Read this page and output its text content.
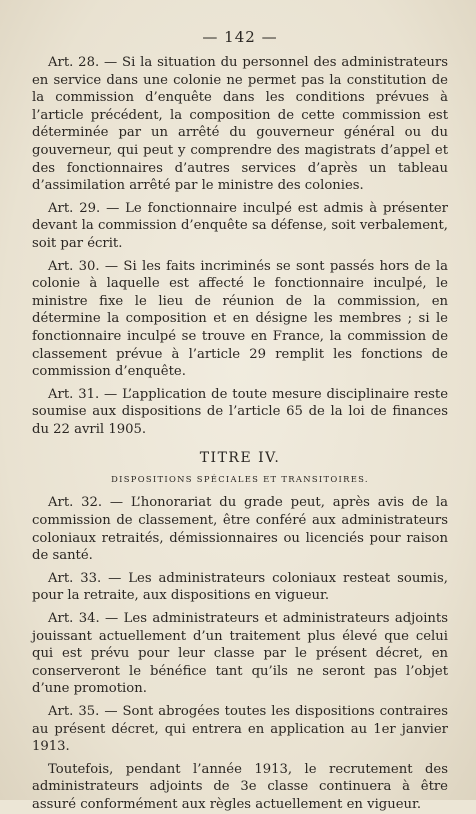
— 142 —

Art. 28. — Si la situation du personnel des administrateurs en service dans une colonie ne permet pas la constitution de la commission d’enquête dans les conditions prévues à l’article précédent, la composition de cette commission est déterminée par un arrêté du gouverneur général ou du gouverneur, qui peut y comprendre des magistrats d’appel et des fonctionnaires d’autres services d’après un tableau d’assimilation arrêté par le ministre des colonies.

Art. 29. — Le fonctionnaire inculpé est admis à présenter devant la commission d’enquête sa défense, soit verbalement, soit par écrit.

Art. 30. — Si les faits incriminés se sont passés hors de la colonie à laquelle est affecté le fonctionnaire inculpé, le ministre fixe le lieu de réunion de la commission, en détermine la composition et en désigne les membres ; si le fonctionnaire inculpé se trouve en France, la commission de classement prévue à l’article 29 remplit les fonctions de commission d’enquête.

Art. 31. — L’application de toute mesure disciplinaire reste soumise aux dispositions de l’article 65 de la loi de finances du 22 avril 1905.

TITRE IV.
DISPOSITIONS SPÉCIALES ET TRANSITOIRES.

Art. 32. — L’honorariat du grade peut, après avis de la commission de classement, être conféré aux administrateurs coloniaux retraités, démissionnaires ou licenciés pour raison de santé.

Art. 33. — Les administrateurs coloniaux resteat soumis, pour la retraite, aux dispositions en vigueur.

Art. 34. — Les administrateurs et administrateurs adjoints jouissant actuellement d’un traitement plus élevé que celui qui est prévu pour leur classe par le présent décret, en conserveront le bénéfice tant qu’ils ne seront pas l’objet d’une promotion.

Art. 35. — Sont abrogées toutes les dispositions contraires au présent décret, qui entrera en application au 1er janvier 1913.

Toutefois, pendant l’année 1913, le recrutement des administrateurs adjoints de 3e classe continuera à être assuré conformément aux règles actuellement en vigueur.
